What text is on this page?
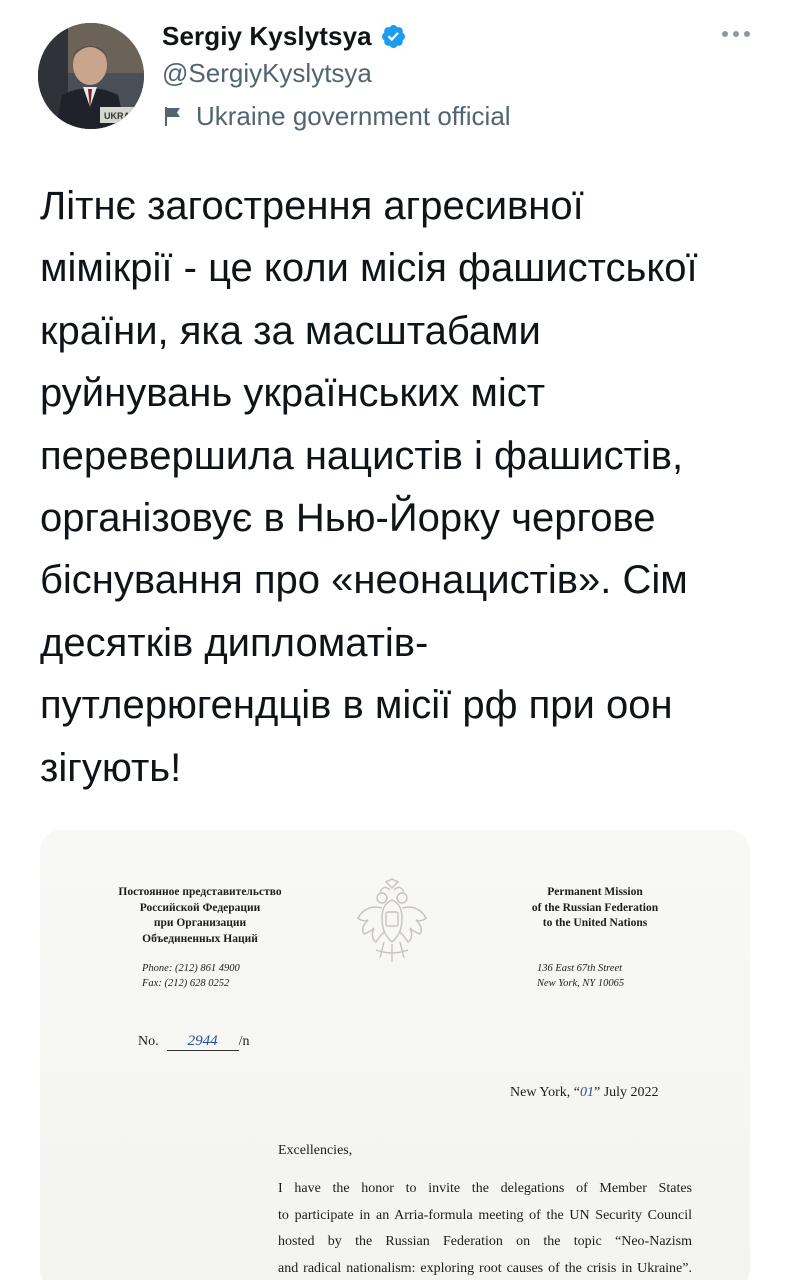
UKRA
Sergiy Kyslytsya
@SergiyKyslytsya
Ukraine government official
Літнє загострення агресивної
мімікрії - це коли місія фашистської
країни, яка за масштабами
руйнувань українських міст
перевершила нацистів і фашистів,
організовує в Нью-Йорку чергове
біснування про «неонацистів». Сім
десятків дипломатів-
путлерюгендців в місії рф при оон
зігують!
Постоянное представительство
Российской Федерации
при Организации
Объединенных Наций
Permanent Mission
of the Russian Federation
to the United Nations
Phone: (212) 861 4900
Fax: (212) 628 0252
136 East 67th Street
New York, NY 10065
No.	2944	/n
New York, “01” July 2022
Excellencies,
I have the honor to invite the delegations of Member States
to participate in an Arria-formula meeting of the UN Security Council
hosted by the Russian Federation on the topic “Neo-Nazism
and radical nationalism: exploring root causes of the crisis in Ukraine”.
